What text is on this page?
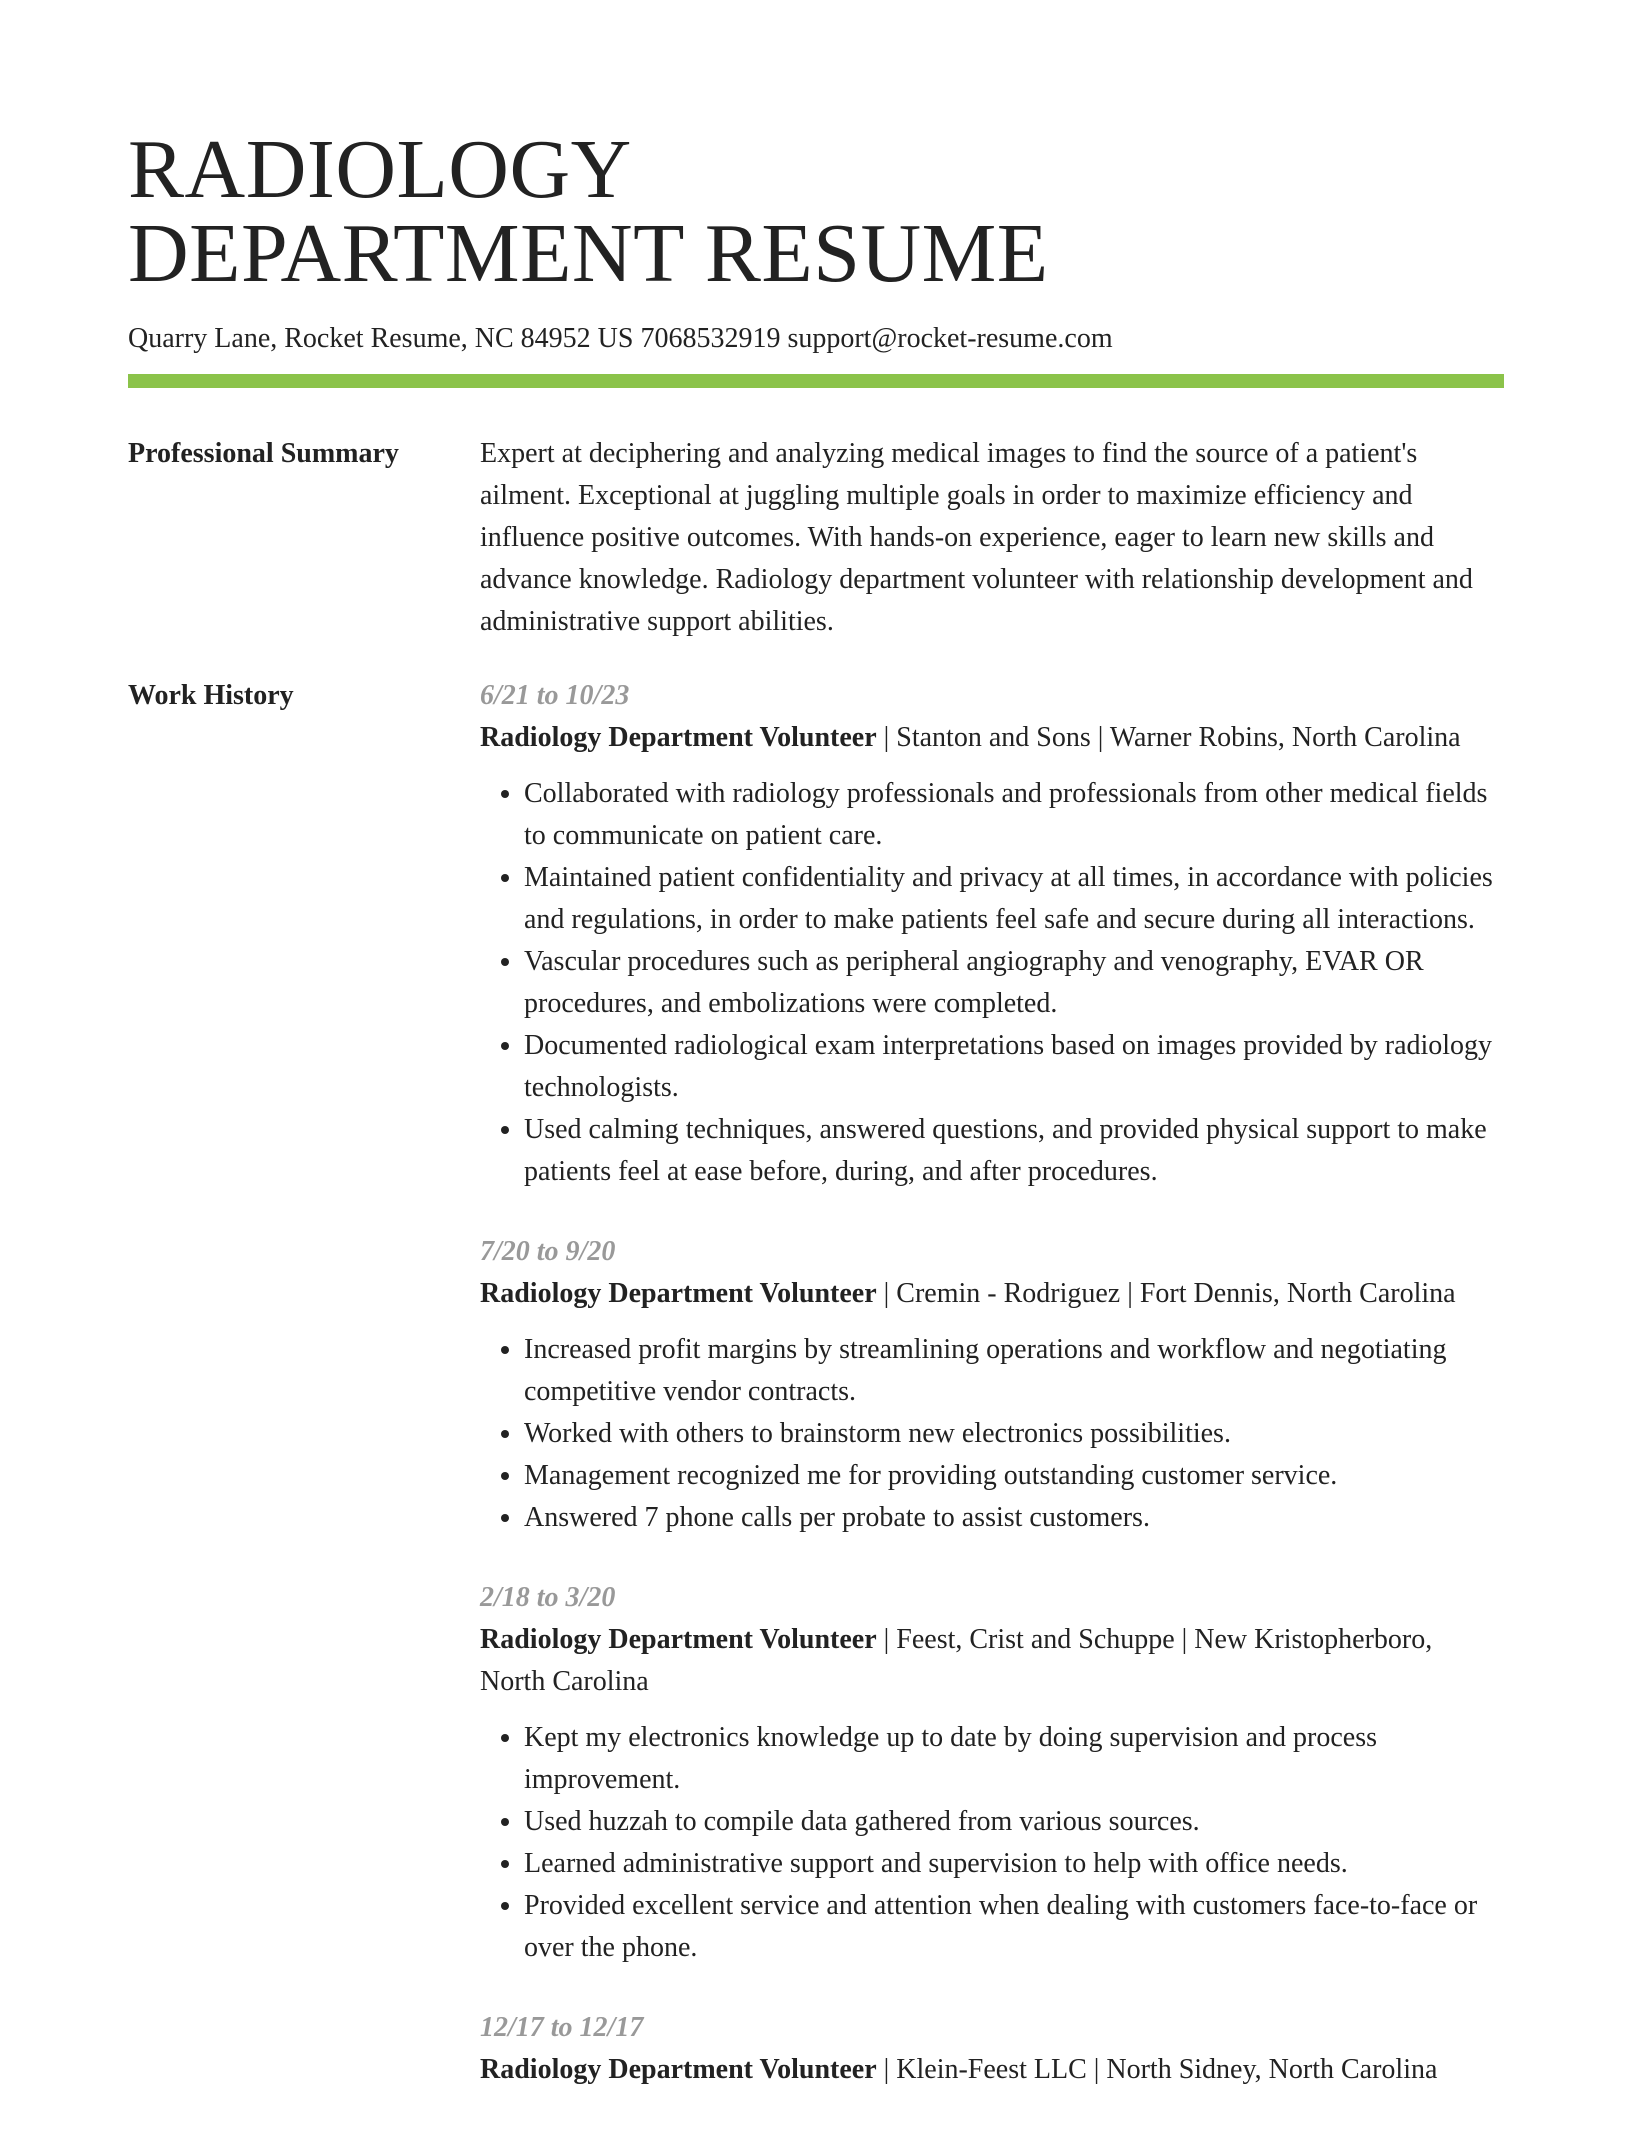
RADIOLOGY
DEPARTMENT RESUME
Quarry Lane, Rocket Resume, NC 84952 US 7068532919 support@rocket-resume.com
Professional Summary	Expert at deciphering and analyzing medical images to find the source of a patient's ailment. Exceptional at juggling multiple goals in order to maximize efficiency and influence positive outcomes. With hands-on experience, eager to learn new skills and advance knowledge. Radiology department volunteer with relationship development and administrative support abilities.
Work History	6/21 to 10/23

Radiology Department Volunteer | Stanton and Sons | Warner Robins, North Carolina

• Collaborated with radiology professionals and professionals from other medical fields to communicate on patient care.
• Maintained patient confidentiality and privacy at all times, in accordance with policies and regulations, in order to make patients feel safe and secure during all interactions.
• Vascular procedures such as peripheral angiography and venography, EVAR OR procedures, and embolizations were completed.
• Documented radiological exam interpretations based on images provided by radiology technologists.
• Used calming techniques, answered questions, and provided physical support to make patients feel at ease before, during, and after procedures.
7/20 to 9/20

Radiology Department Volunteer | Cremin - Rodriguez | Fort Dennis, North Carolina

• Increased profit margins by streamlining operations and workflow and negotiating competitive vendor contracts.
• Worked with others to brainstorm new electronics possibilities.
• Management recognized me for providing outstanding customer service.
• Answered 7 phone calls per probate to assist customers.
2/18 to 3/20

Radiology Department Volunteer | Feest, Crist and Schuppe | New Kristopherboro, North Carolina

• Kept my electronics knowledge up to date by doing supervision and process improvement.
• Used huzzah to compile data gathered from various sources.
• Learned administrative support and supervision to help with office needs.
• Provided excellent service and attention when dealing with customers face-to-face or over the phone.
12/17 to 12/17

Radiology Department Volunteer | Klein-Feest LLC | North Sidney, North Carolina
